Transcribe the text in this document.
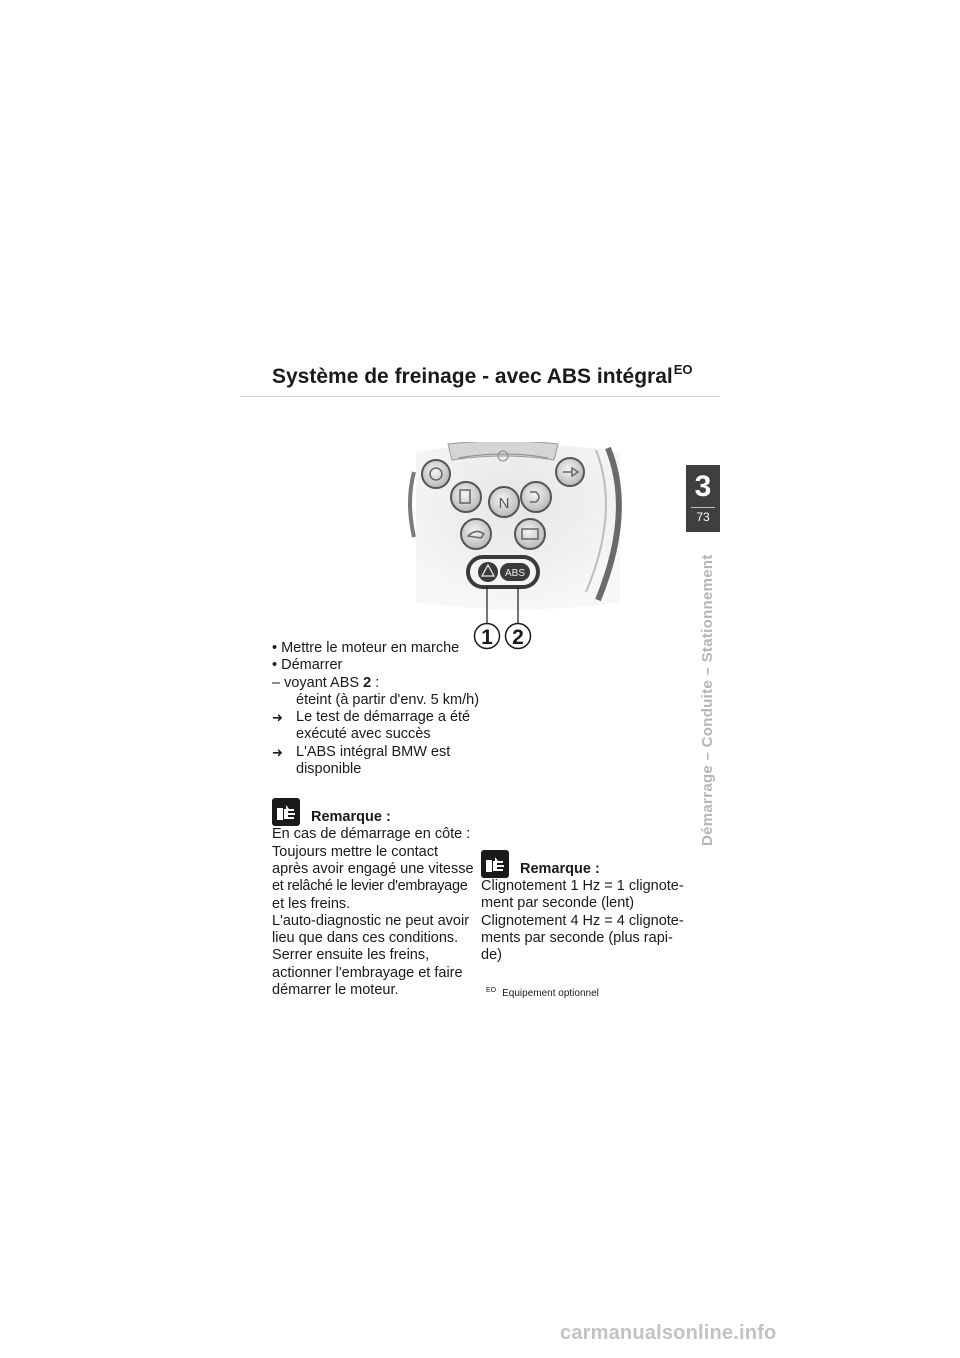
Système de freinage - avec ABS intégral$^{EO}$
3
73
Démarrage – Conduite – Stationnement
N
ABS
1 2
• Mettre le moteur en marche
• Démarrer
– voyant ABS 2 :
éteint (à partir d'env. 5 km/h)
➜ Le test de démarrage a été exécuté avec succès
➜ L'ABS intégral BMW est disponible
Remarque :
En cas de démarrage en côte :
Toujours mettre le contact
après avoir engagé une vitesse
et relâché le levier d'embrayage
et les freins.
L'auto-diagnostic ne peut avoir
lieu que dans ces conditions.
Serrer ensuite les freins,
actionner l'embrayage et faire
démarrer le moteur.
Remarque :
Clignotement 1 Hz = 1 clignote-
ment par seconde (lent)
Clignotement 4 Hz = 4 clignote-
ments par seconde (plus rapi-
de)
$^{EO}$ Equipement optionnel
carmanualsonline.info
